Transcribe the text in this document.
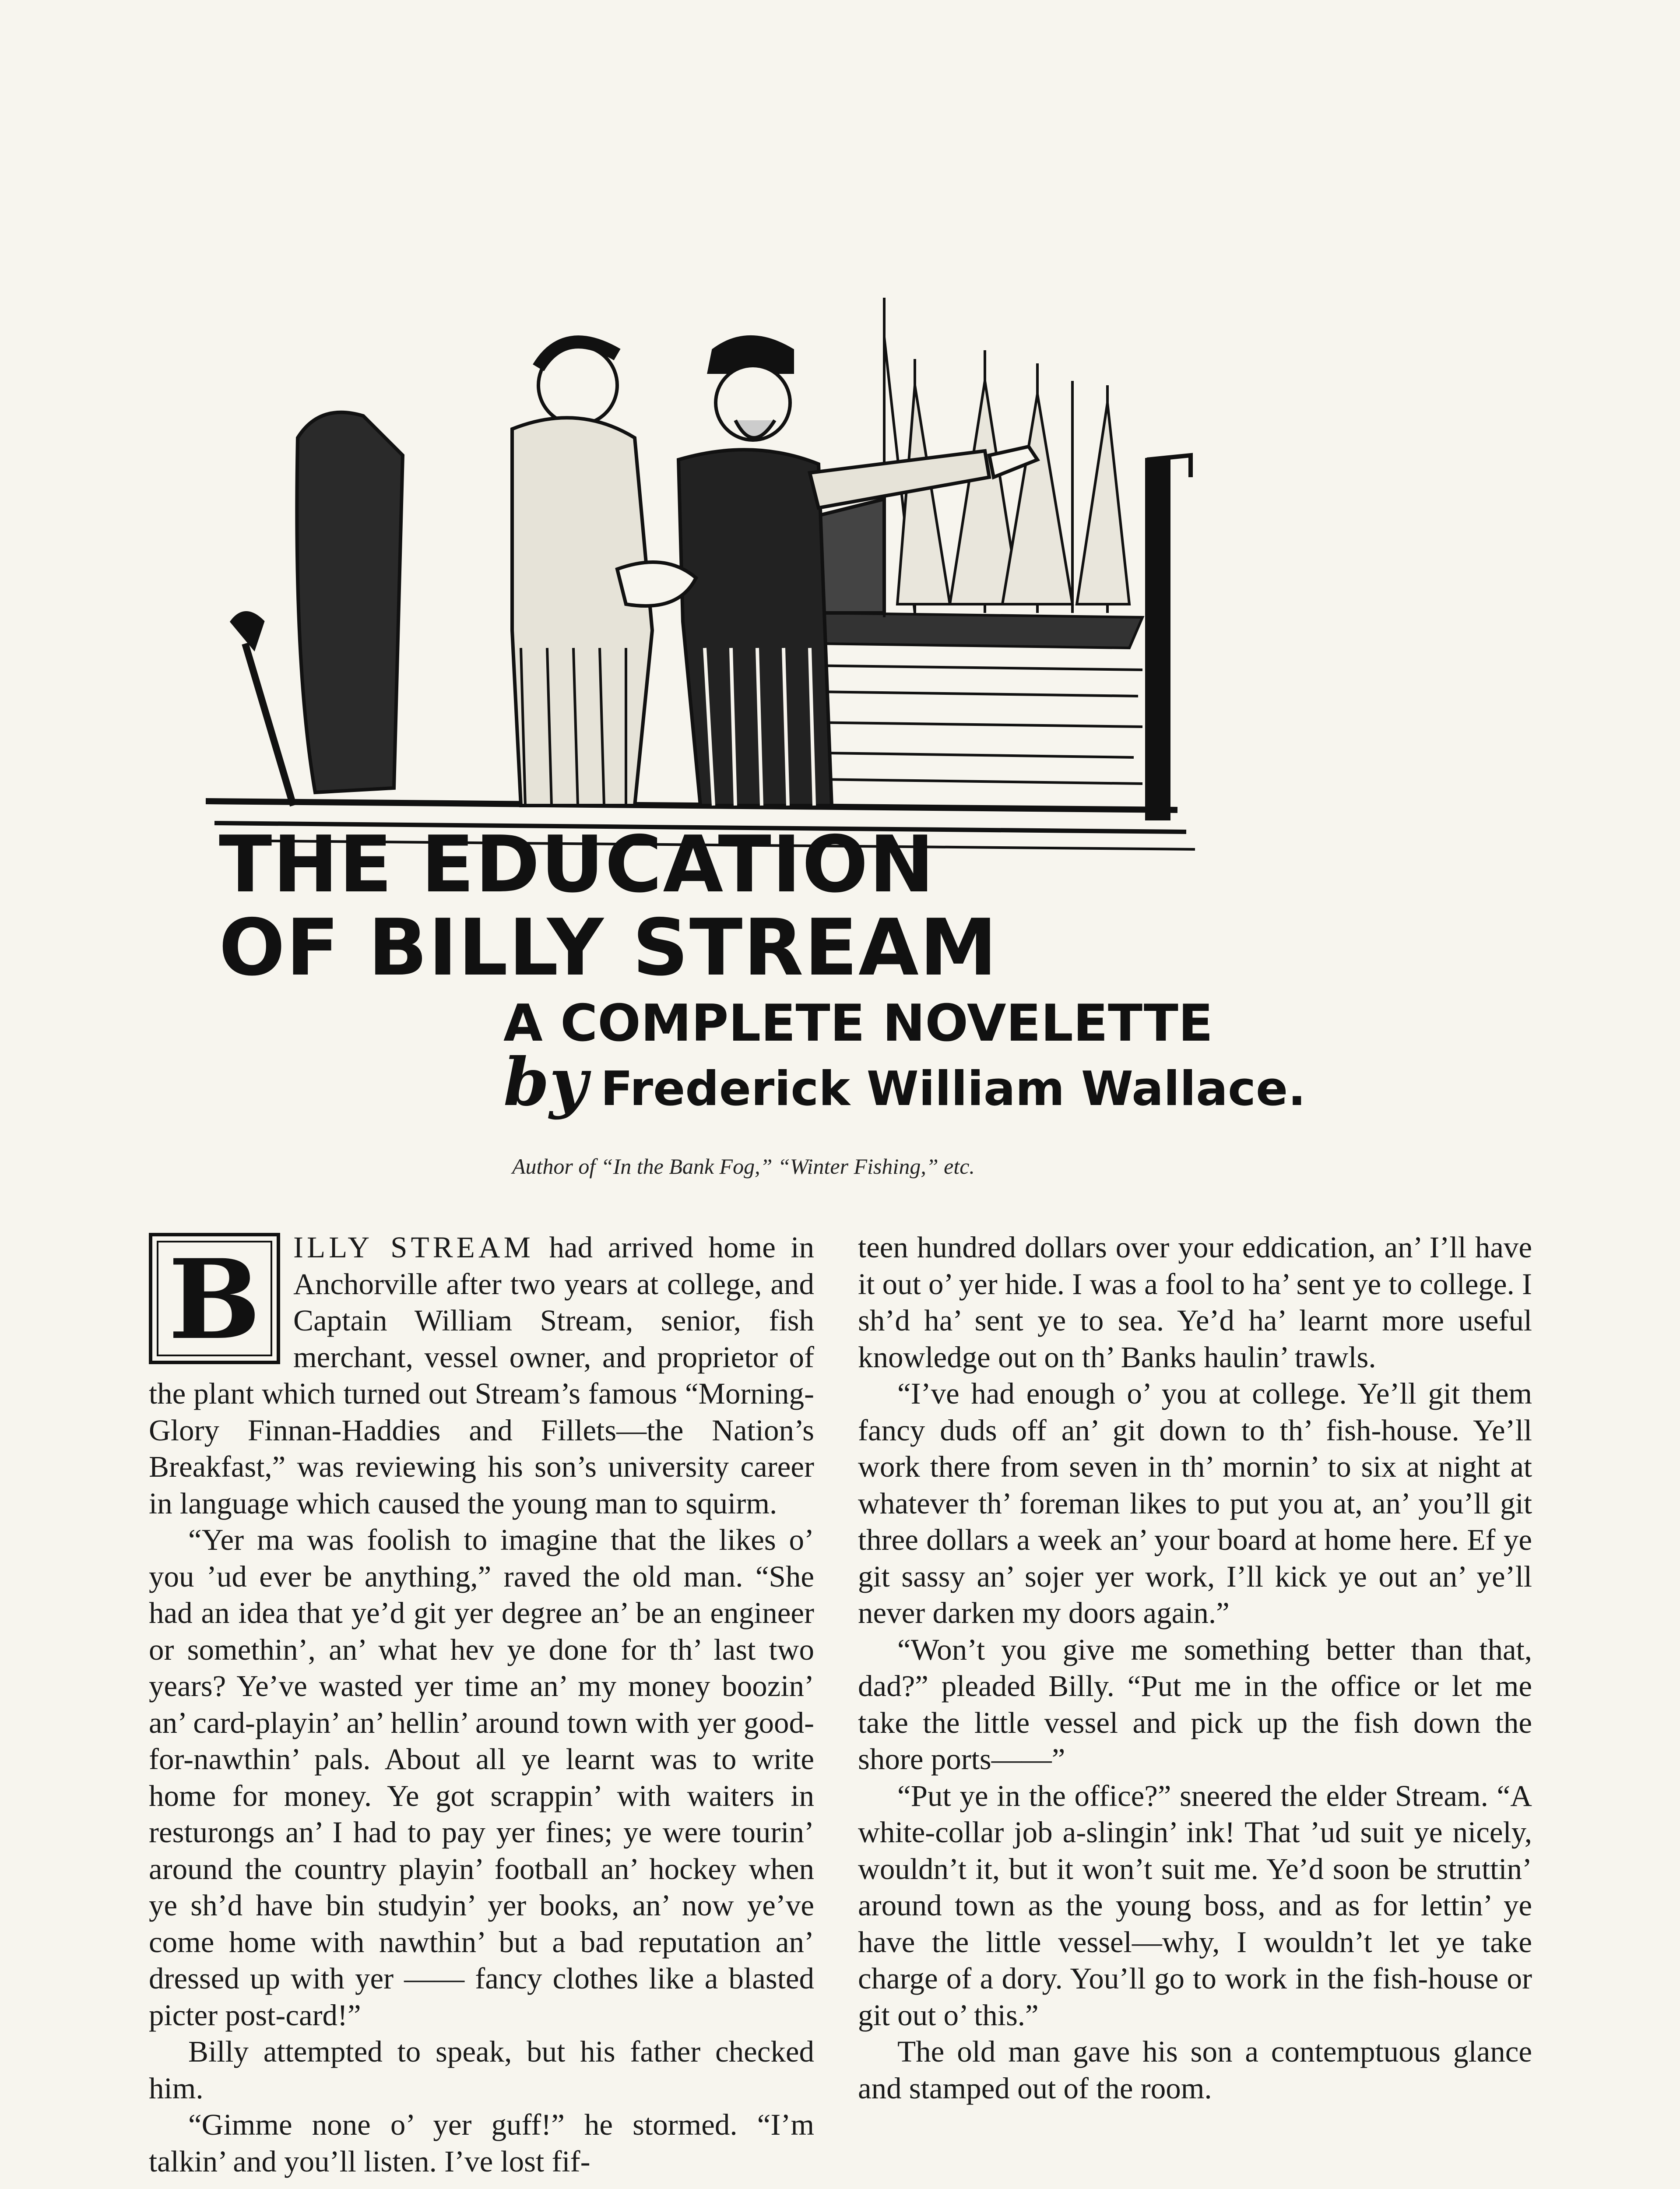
THE EDUCATION
OF BILLY STREAM
A COMPLETE NOVELETTE
by Frederick William Wallace.
Author of “In the Bank Fog,” “Winter Fishing,” etc.
B	ILLY STREAM had arrived home in Anchorville after two years at college, and Captain William Stream, senior, fish merchant, vessel owner, and proprietor of the plant which turned out Stream’s famous “Morning-Glory Finnan-Haddies and Fillets—the Nation’s Breakfast,” was reviewing his son’s university career in language which caused the young man to squirm.

“Yer ma was foolish to imagine that the likes o’ you ’ud ever be anything,” raved the old man. “She had an idea that ye’d git yer degree an’ be an engineer or somethin’, an’ what hev ye done for th’ last two years? Ye’ve wasted yer time an’ my money boozin’ an’ card-playin’ an’ hellin’ around town with yer good-for-nawthin’ pals. About all ye learnt was to write home for money. Ye got scrappin’ with waiters in resturongs an’ I had to pay yer fines; ye were tourin’ around the country playin’ football an’ hockey when ye sh’d have bin studyin’ yer books, an’ now ye’ve come home with nawthin’ but a bad reputation an’ dressed up with yer —— fancy clothes like a blasted picter post-card!”

Billy attempted to speak, but his father checked him.

“Gimme none o’ yer guff!” he stormed. “I’m talkin’ and you’ll listen. I’ve lost fif-

teen hundred dollars over your eddication, an’ I’ll have it out o’ yer hide. I was a fool to ha’ sent ye to college. I sh’d ha’ sent ye to sea. Ye’d ha’ learnt more useful knowledge out on th’ Banks haulin’ trawls.

“I’ve had enough o’ you at college. Ye’ll git them fancy duds off an’ git down to th’ fish-house. Ye’ll work there from seven in th’ mornin’ to six at night at whatever th’ foreman likes to put you at, an’ you’ll git three dollars a week an’ your board at home here. Ef ye git sassy an’ sojer yer work, I’ll kick ye out an’ ye’ll never darken my doors again.”

“Won’t you give me something better than that, dad?” pleaded Billy. “Put me in the office or let me take the little vessel and pick up the fish down the shore ports——”

“Put ye in the office?” sneered the elder Stream. “A white-collar job a-slingin’ ink! That ’ud suit ye nicely, wouldn’t it, but it won’t suit me. Ye’d soon be struttin’ around town as the young boss, and as for lettin’ ye have the little vessel—why, I wouldn’t let ye take charge of a dory. You’ll go to work in the fish-house or git out o’ this.”

The old man gave his son a contemptuous glance and stamped out of the room.
